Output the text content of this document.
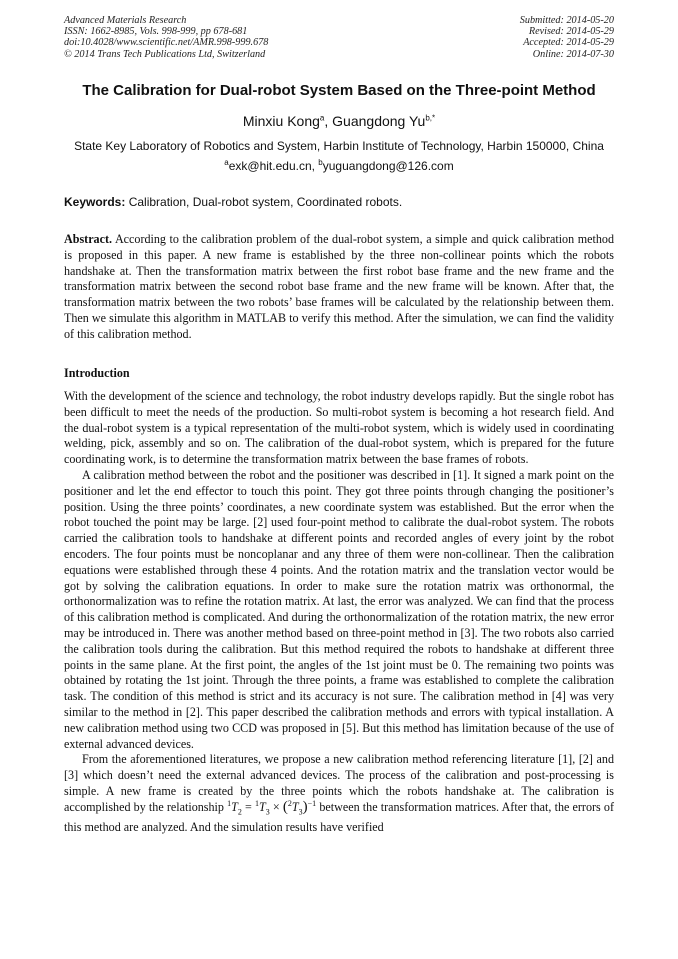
Advanced Materials Research
ISSN: 1662-8985, Vols. 998-999, pp 678-681
doi:10.4028/www.scientific.net/AMR.998-999.678
© 2014 Trans Tech Publications Ltd, Switzerland
Submitted: 2014-05-20
Revised: 2014-05-29
Accepted: 2014-05-29
Online: 2014-07-30
The Calibration for Dual-robot System Based on the Three-point Method
Minxiu Kong$^a$, Guangdong $Yu^{b,*}$
State Key Laboratory of Robotics and System, Harbin Institute of Technology, Harbin 150000, China
$^a$exk@hit.edu.cn, $^b$yuguangdong@126.com
Keywords: Calibration, Dual-robot system, Coordinated robots.

Abstract. According to the calibration problem of the dual-robot system, a simple and quick calibration method is proposed in this paper. A new frame is established by the three non-collinear points which the robots handshake at. Then the transformation matrix between the first robot base frame and the new frame and the transformation matrix between the second robot base frame and the new frame will be known. After that, the transformation matrix between the two robots’ base frames will be calculated by the relationship between them. Then we simulate this algorithm in MATLAB to verify this method. After the simulation, we can find the validity of this calibration method.

Introduction

With the development of the science and technology, the robot industry develops rapidly. But the single robot has been difficult to meet the needs of the production. So multi-robot system is becoming a hot research field. And the dual-robot system is a typical representation of the multi-robot system, which is widely used in coordinating welding, pick, assembly and so on. The calibration of the dual-robot system, which is prepared for the future coordinating work, is to determine the transformation matrix between the base frames of robots.

A calibration method between the robot and the positioner was described in [1]. It signed a mark point on the positioner and let the end effector to touch this point. They got three points through changing the positioner’s position. Using the three points’ coordinates, a new coordinate system was established. But the error when the robot touched the point may be large. [2] used four-point method to calibrate the dual-robot system. The robots carried the calibration tools to handshake at different points and recorded angles of every joint by the robot encoders. The four points must be noncoplanar and any three of them were non-collinear. Then the calibration equations were established through these 4 points. And the rotation matrix and the translation vector would be got by solving the calibration equations. In order to make sure the rotation matrix was orthonormal, the orthonormalization was to refine the rotation matrix. At last, the error was analyzed. We can find that the process of this calibration method is complicated. And during the orthonormalization of the rotation matrix, the new error may be introduced in. There was another method based on three-point method in [3]. The two robots also carried the calibration tools during the calibration. But this method required the robots to handshake at different three points in the same plane. At the first point, the angles of the 1st joint must be 0. The remaining two points was obtained by rotating the 1st joint. Through the three points, a frame was established to complete the calibration task. The condition of this method is strict and its accuracy is not sure. The calibration method in [4] was very similar to the method in [2]. This paper described the calibration methods and errors with typical installation. A new calibration method using two CCD was proposed in [5]. But this method has limitation because of the use of external advanced devices.

From the aforementioned literatures, we propose a new calibration method referencing literature [1], [2] and [3] which doesn’t need the external advanced devices. The process of the calibration and post-processing is simple. A new frame is created by the three points which the robots handshake at. The calibration is accomplished by the relationship $^1T_2 = ^1T_3 \times (^2T_3)^{-1}$ between the transformation matrices. After that, the errors of this method are analyzed. And the simulation results have verified
